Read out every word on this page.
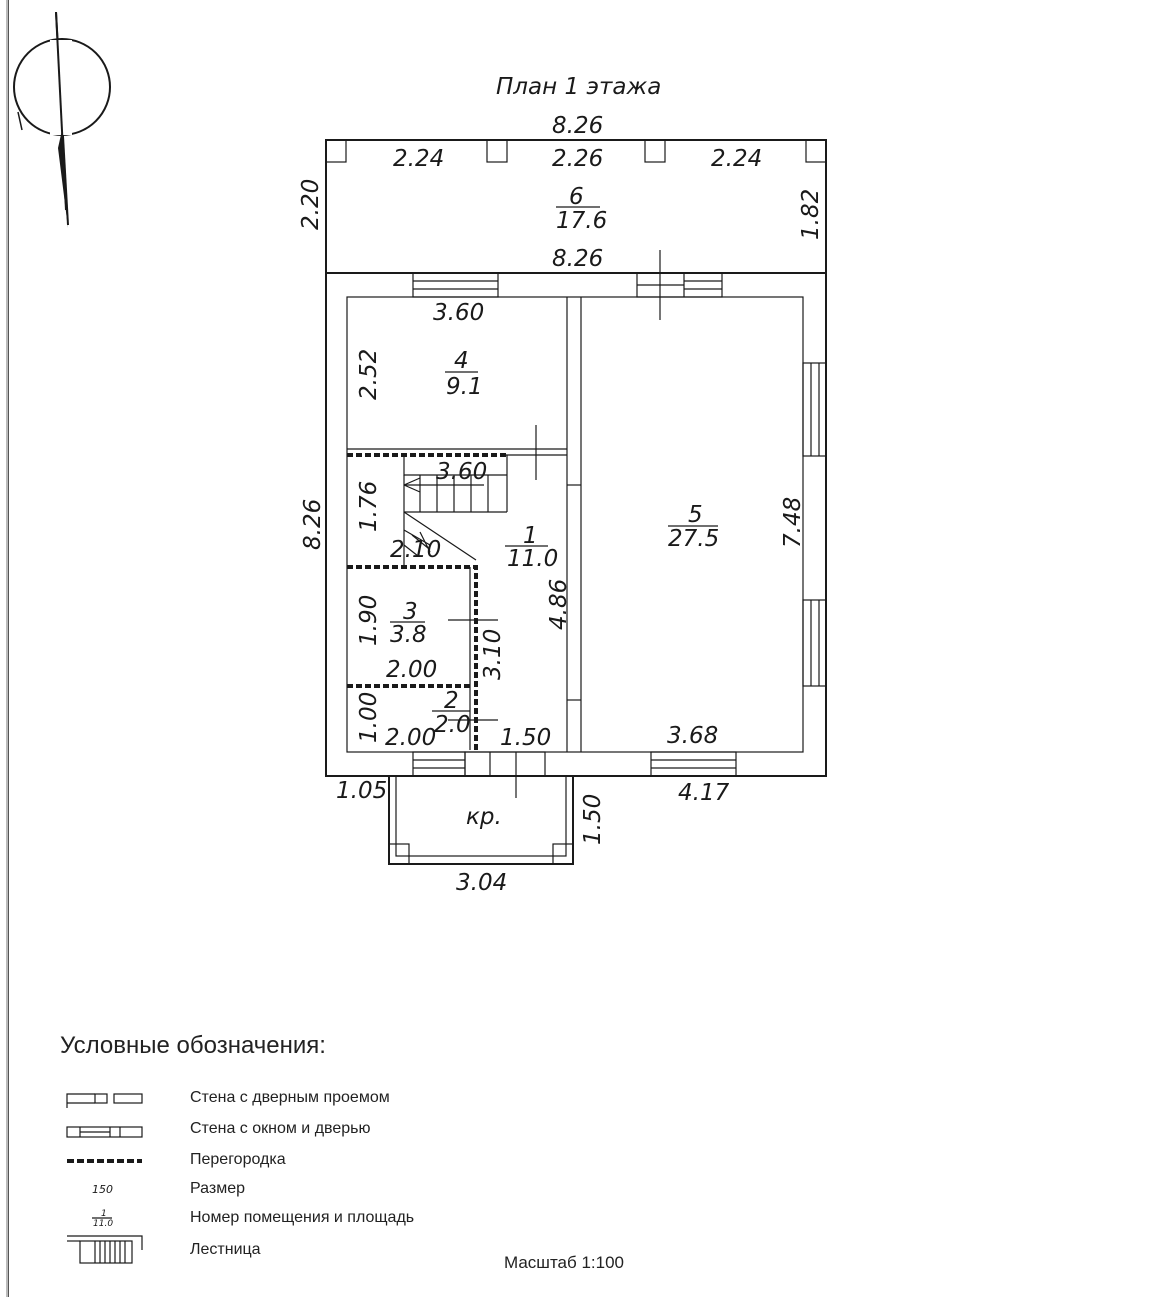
План 1 этажа
8.26
2.24	2.26	2.24
8.26
2.20	1.82
3.60
2.52
3.60
1.76
2.10
8.26
1.90
2.00
4.86
3.10
1.00 2.00	1.50	3.68
7.48
1.05	4.17
1.50
3.04
6
17.6
4
9.1
1
11.0
5
27.5
3
3.8
2
2.0
кр.
150
1
11.0
Условные обозначения:
Стена с дверным проемом
Стена с окном и дверью
Перегородка
Размер
Номер помещения и площадь
Лестница
Масштаб 1:100
